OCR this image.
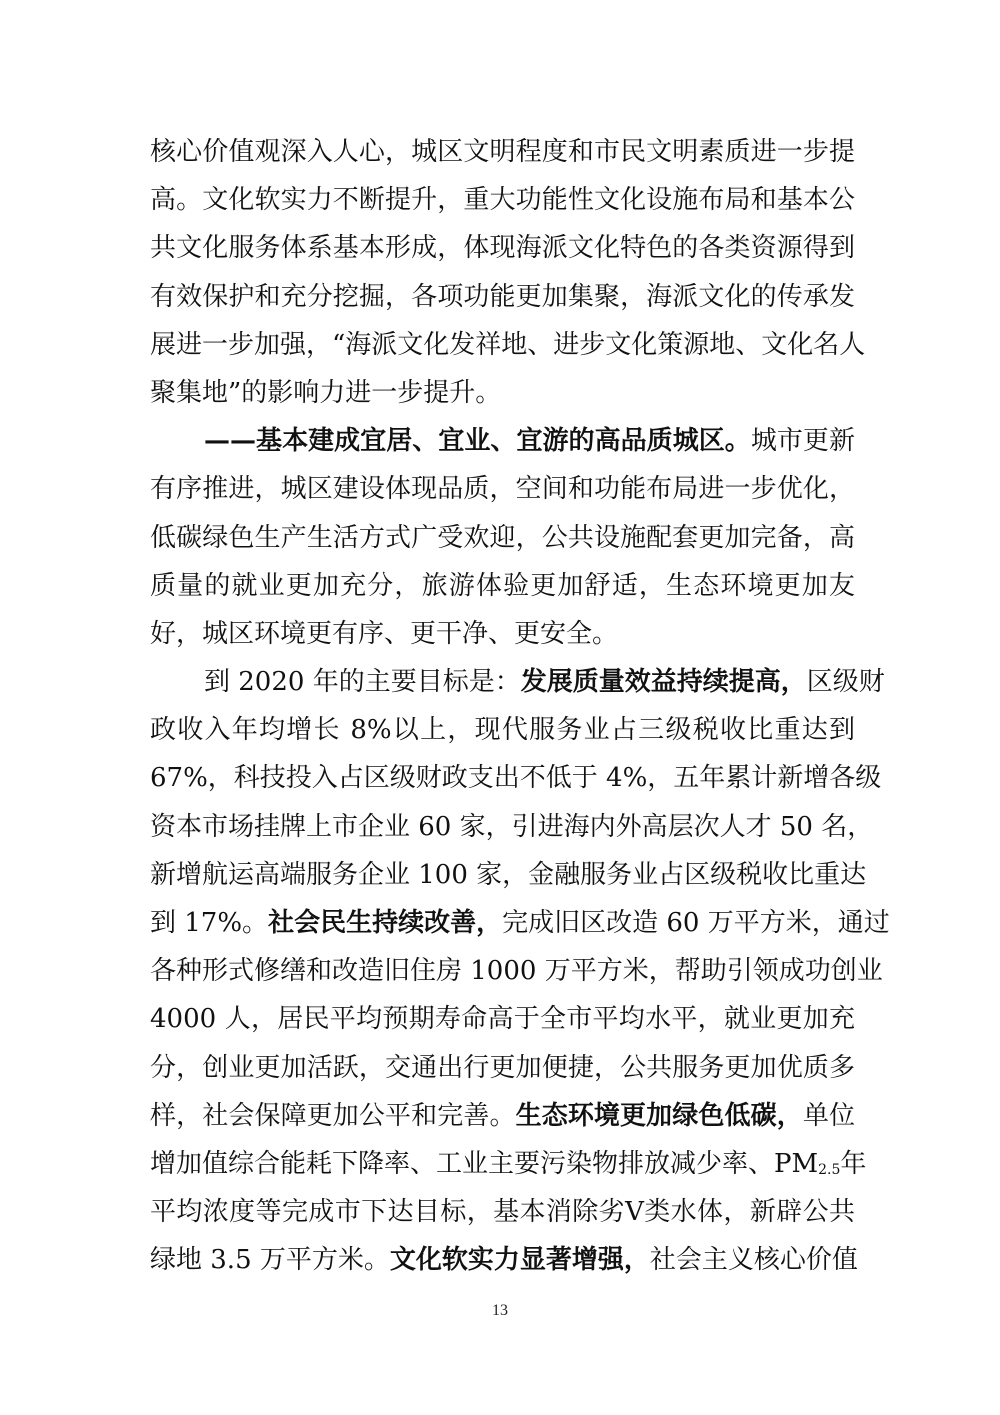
核心价值观深入人心，城区文明程度和市民文明素质进一步提
高。文化软实力不断提升，重大功能性文化设施布局和基本公
共文化服务体系基本形成，体现海派文化特色的各类资源得到
有效保护和充分挖掘，各项功能更加集聚，海派文化的传承发
展进一步加强，“海派文化发祥地、进步文化策源地、文化名人
聚集地”的影响力进一步提升。
——基本建成宜居、宜业、宜游的高品质城区。城市更新
有序推进，城区建设体现品质，空间和功能布局进一步优化，
低碳绿色生产生活方式广受欢迎，公共设施配套更加完备，高
质量的就业更加充分，旅游体验更加舒适，生态环境更加友
好，城区环境更有序、更干净、更安全。
到 2020 年的主要目标是：发展质量效益持续提高，区级财
政收入年均增长 8%以上，现代服务业占三级税收比重达到
67%，科技投入占区级财政支出不低于 4%，五年累计新增各级
资本市场挂牌上市企业 60 家，引进海内外高层次人才 50 名，
新增航运高端服务企业 100 家，金融服务业占区级税收比重达
到 17%。社会民生持续改善，完成旧区改造 60 万平方米，通过
各种形式修缮和改造旧住房 1000 万平方米，帮助引领成功创业
4000 人，居民平均预期寿命高于全市平均水平，就业更加充
分，创业更加活跃，交通出行更加便捷，公共服务更加优质多
样，社会保障更加公平和完善。生态环境更加绿色低碳，单位
增加值综合能耗下降率、工业主要污染物排放减少率、$PM_{2.5}$年
平均浓度等完成市下达目标，基本消除劣Ⅴ类水体，新辟公共
绿地 3.5 万平方米。文化软实力显著增强，社会主义核心价值
13
